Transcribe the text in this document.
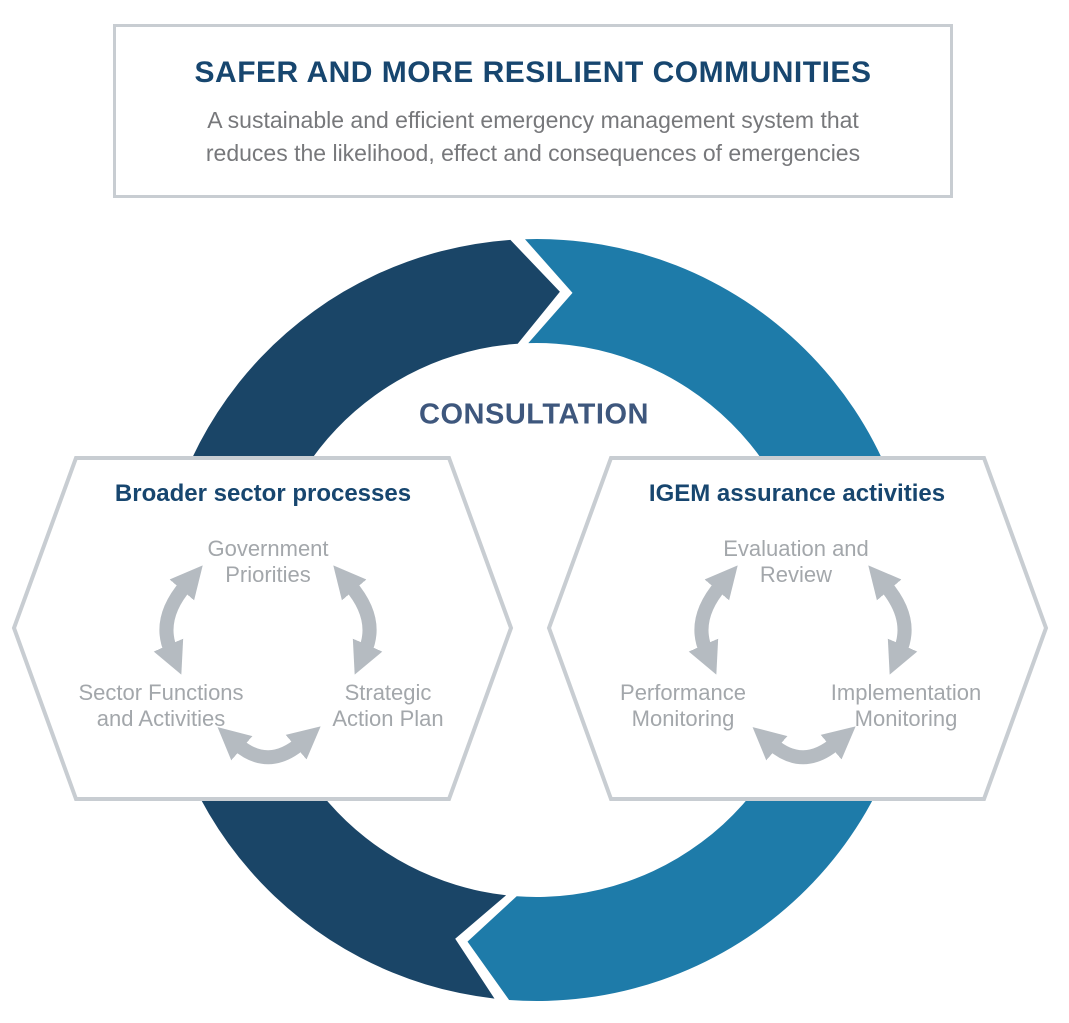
SAFER AND MORE RESILIENT COMMUNITIES
A sustainable and efficient emergency management system that
reduces the likelihood, effect and consequences of emergencies
CONSULTATION
Broader sector processes	IGEM assurance activities
Government
Priorities
Sector Functions
and Activities
Strategic
Action Plan
Evaluation and
Review
Performance
Monitoring
Implementation
Monitoring
